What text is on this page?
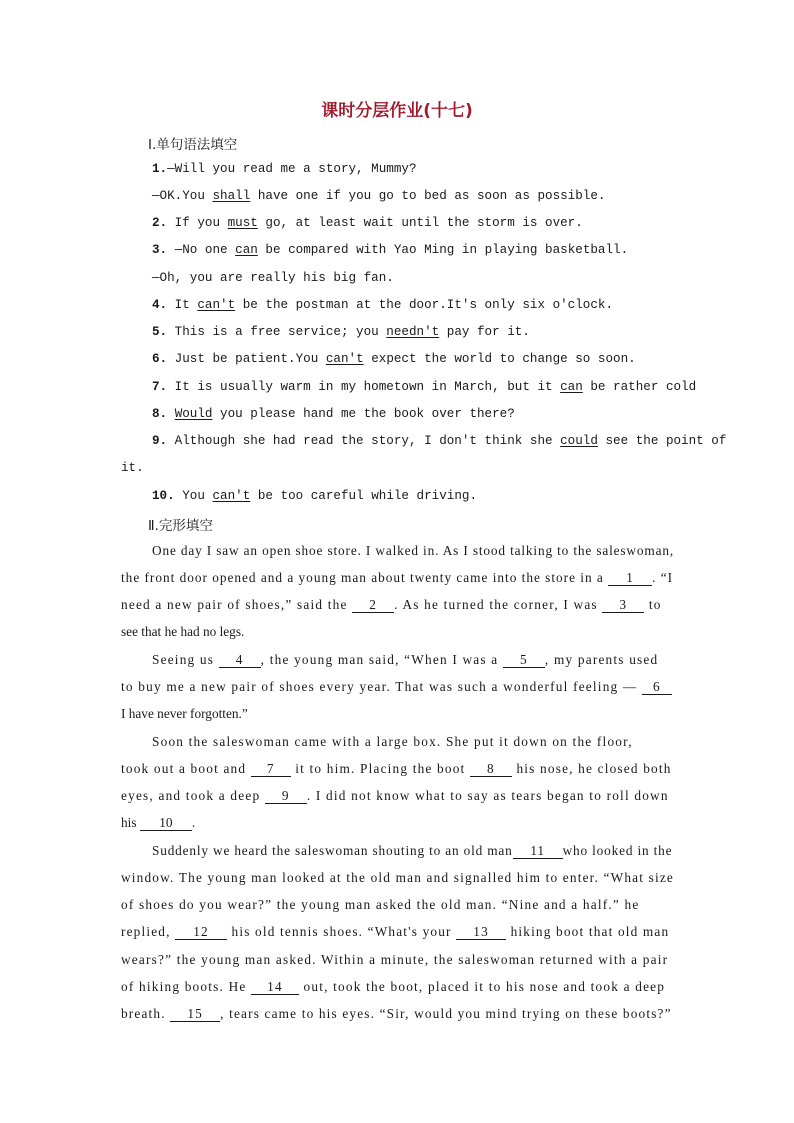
课时分层作业(十七)
Ⅰ.单句语法填空
1.—Will you read me a story, Mummy?
—OK.You shall have one if you go to bed as soon as possible.
2. If you must go, at least wait until the storm is over.
3. —No one can be compared with Yao Ming in playing basketball.
—Oh, you are really his big fan.
4. It can't be the postman at the door.It's only six o'clock.
5. This is a free service; you needn't pay for it.
6. Just be patient.You can't expect the world to change so soon.
7. It is usually warm in my hometown in March, but it can be rather cold
8. Would you please hand me the book over there?
9. Although she had read the story, I don't think she could see the point of
it.
10. You can't be too careful while driving.
Ⅱ.完形填空
One day I saw an open shoe store. I walked in. As I stood talking to the saleswoman,
the front door opened and a young man about twenty came into the store in a 1 . “I
need a new pair of shoes,” said the 2 . As he turned the corner, I was 3 to
see that he had no legs.
Seeing us 4 , the young man said, “When I was a 5 , my parents used
to buy me a new pair of shoes every year. That was such a wonderful feeling — 6
I have never forgotten.”
Soon the saleswoman came with a large box. She put it down on the floor,
took out a boot and 7 it to him. Placing the boot 8 his nose, he closed both
eyes, and took a deep 9 . I did not know what to say as tears began to roll down
his 10 .
Suddenly we heard the saleswoman shouting to an old man 11 who looked in the
window. The young man looked at the old man and signalled him to enter. “What size
of shoes do you wear?” the young man asked the old man. “Nine and a half.” he
replied, 12 his old tennis shoes. “What's your 13 hiking boot that old man
wears?” the young man asked. Within a minute, the saleswoman returned with a pair
of hiking boots. He 14 out, took the boot, placed it to his nose and took a deep
breath. 15 , tears came to his eyes. “Sir, would you mind trying on these boots?”
